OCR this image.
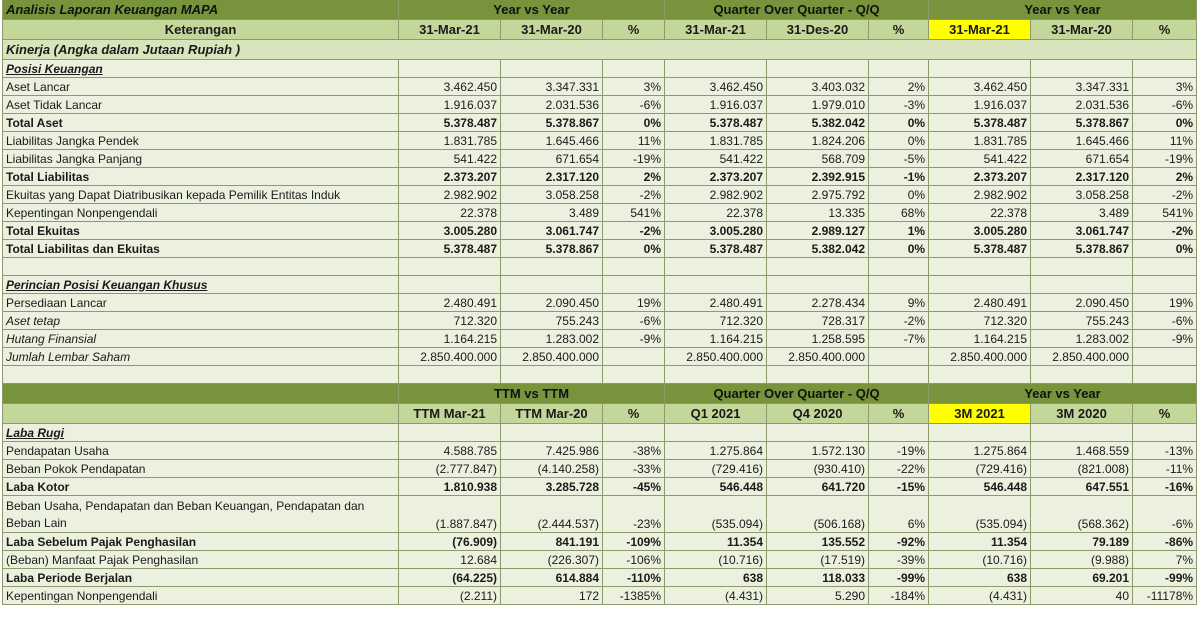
Analisis Laporan Keuangan MAPA	Year vs Year			Quarter Over Quarter - Q/Q			Year vs Year		
Keterangan	31-Mar-21	31-Mar-20	%	31-Mar-21	31-Des-20	%	31-Mar-21	31-Mar-20	%
Kinerja (Angka dalam Jutaan Rupiah )									
Posisi Keuangan									
Aset Lancar	3.462.450	3.347.331	3%	3.462.450	3.403.032	2%	3.462.450	3.347.331	3%
Aset Tidak Lancar	1.916.037	2.031.536	-6%	1.916.037	1.979.010	-3%	1.916.037	2.031.536	-6%
Total Aset	5.378.487	5.378.867	0%	5.378.487	5.382.042	0%	5.378.487	5.378.867	0%
Liabilitas Jangka Pendek	1.831.785	1.645.466	11%	1.831.785	1.824.206	0%	1.831.785	1.645.466	11%
Liabilitas Jangka Panjang	541.422	671.654	-19%	541.422	568.709	-5%	541.422	671.654	-19%
Total Liabilitas	2.373.207	2.317.120	2%	2.373.207	2.392.915	-1%	2.373.207	2.317.120	2%
Ekuitas yang Dapat Diatribusikan kepada Pemilik Entitas Induk	2.982.902	3.058.258	-2%	2.982.902	2.975.792	0%	2.982.902	3.058.258	-2%
Kepentingan Nonpengendali	22.378	3.489	541%	22.378	13.335	68%	22.378	3.489	541%
Total Ekuitas	3.005.280	3.061.747	-2%	3.005.280	2.989.127	1%	3.005.280	3.061.747	-2%
Total Liabilitas dan Ekuitas	5.378.487	5.378.867	0%	5.378.487	5.382.042	0%	5.378.487	5.378.867	0%

Perincian Posisi Keuangan Khusus									
Persediaan Lancar	2.480.491	2.090.450	19%	2.480.491	2.278.434	9%	2.480.491	2.090.450	19%
Aset tetap	712.320	755.243	-6%	712.320	728.317	-2%	712.320	755.243	-6%
Hutang Finansial	1.164.215	1.283.002	-9%	1.164.215	1.258.595	-7%	1.164.215	1.283.002	-9%
Jumlah Lembar Saham	2.850.400.000	2.850.400.000		2.850.400.000	2.850.400.000		2.850.400.000	2.850.400.000	

	TTM vs TTM			Quarter Over Quarter - Q/Q			Year vs Year		
	TTM Mar-21	TTM Mar-20	%	Q1 2021	Q4 2020	%	3M 2021	3M 2020	%
Laba Rugi									
Pendapatan Usaha	4.588.785	7.425.986	-38%	1.275.864	1.572.130	-19%	1.275.864	1.468.559	-13%
Beban Pokok Pendapatan	(2.777.847)	(4.140.258)	-33%	(729.416)	(930.410)	-22%	(729.416)	(821.008)	-11%
Laba Kotor	1.810.938	3.285.728	-45%	546.448	641.720	-15%	546.448	647.551	-16%
Beban Usaha, Pendapatan dan Beban Keuangan, Pendapatan dan Beban Lain	(1.887.847)	(2.444.537)	-23%	(535.094)	(506.168)	6%	(535.094)	(568.362)	-6%
Laba Sebelum Pajak Penghasilan	(76.909)	841.191	-109%	11.354	135.552	-92%	11.354	79.189	-86%
(Beban) Manfaat Pajak Penghasilan	12.684	(226.307)	-106%	(10.716)	(17.519)	-39%	(10.716)	(9.988)	7%
Laba Periode Berjalan	(64.225)	614.884	-110%	638	118.033	-99%	638	69.201	-99%
Kepentingan Nonpengendali	(2.211)	172	-1385%	(4.431)	5.290	-184%	(4.431)	40	-11178%
